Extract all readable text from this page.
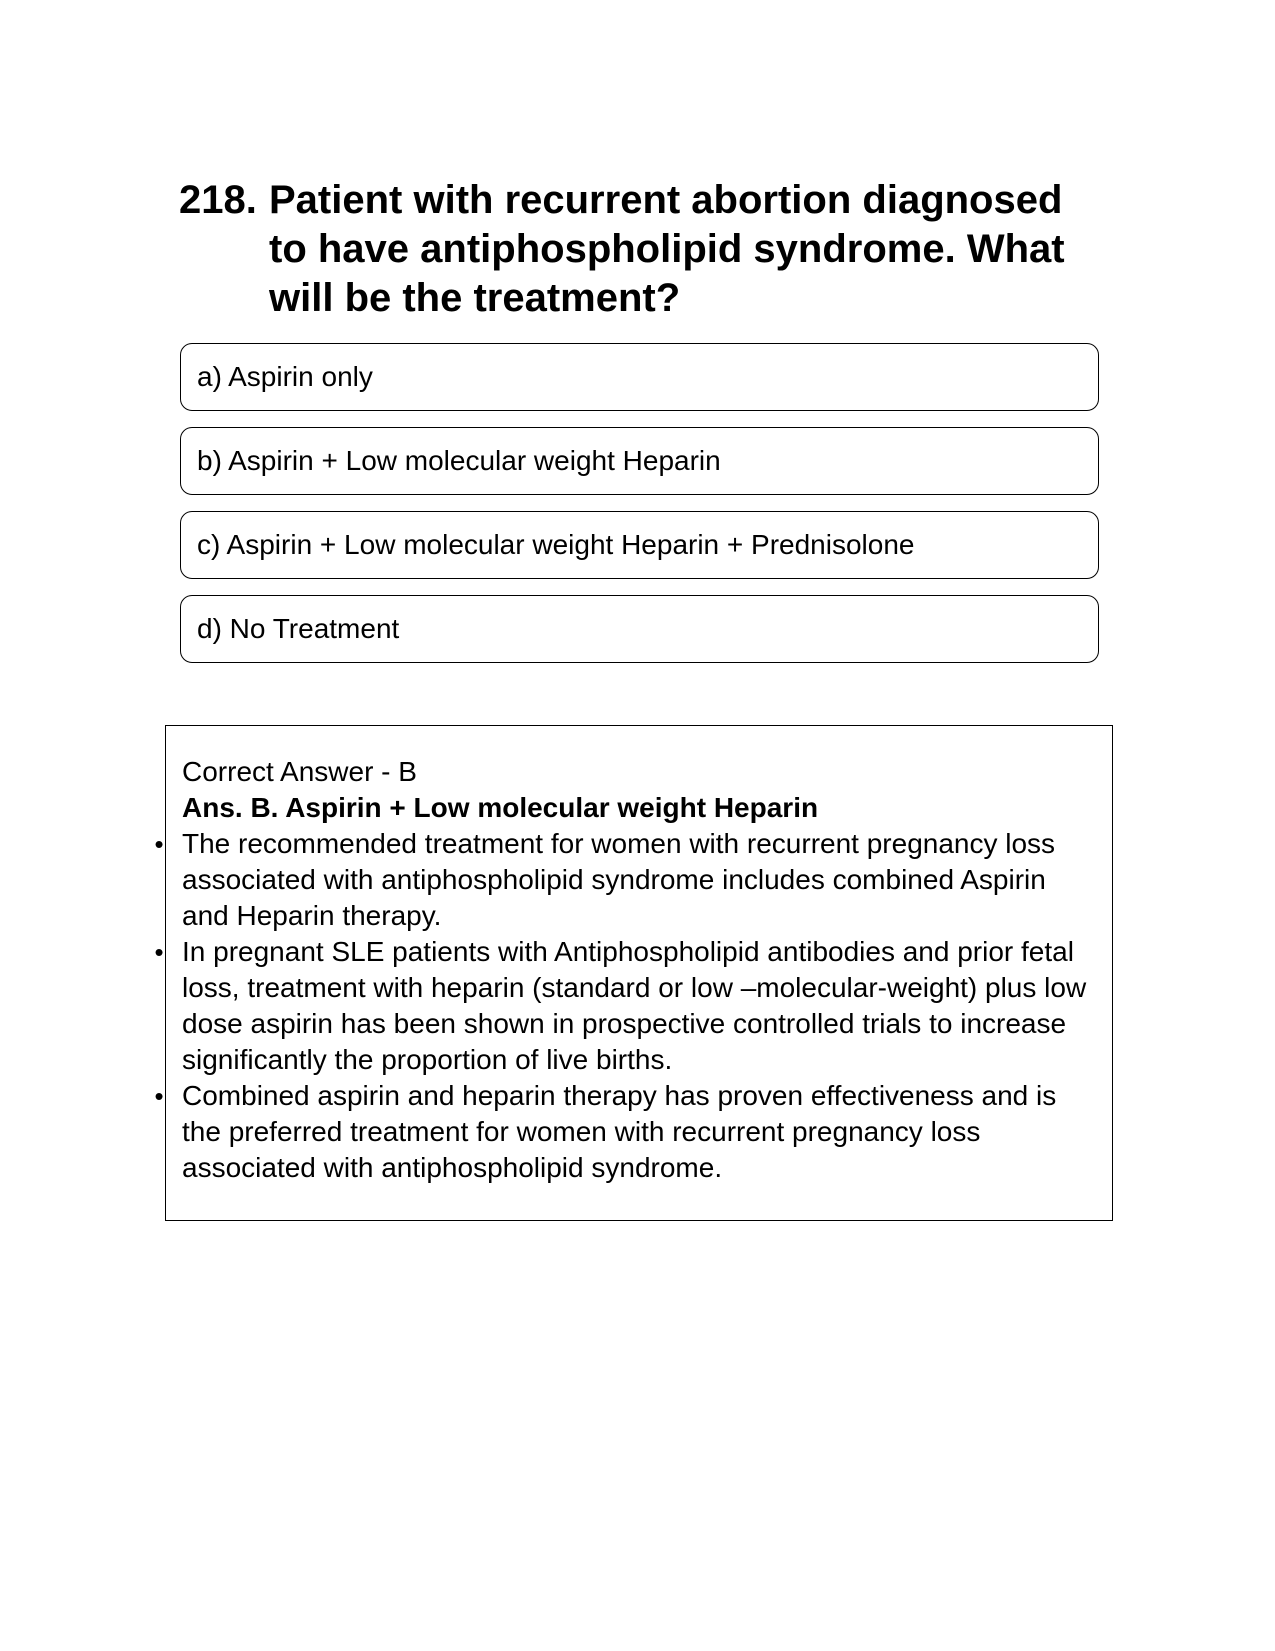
218. Patient with recurrent abortion diagnosed to have antiphospholipid syndrome. What will be the treatment?
a) Aspirin only
b) Aspirin + Low molecular weight Heparin
c) Aspirin + Low molecular weight Heparin + Prednisolone
d) No Treatment
Correct Answer - B
Ans. B. Aspirin + Low molecular weight Heparin
• The recommended treatment for women with recurrent pregnancy loss associated with antiphospholipid syndrome includes combined Aspirin and Heparin therapy.
• In pregnant SLE patients with Antiphospholipid antibodies and prior fetal loss, treatment with heparin (standard or low –molecular-weight) plus low dose aspirin has been shown in prospective controlled trials to increase significantly the proportion of live births.
• Combined aspirin and heparin therapy has proven effectiveness and is the preferred treatment for women with recurrent pregnancy loss associated with antiphospholipid syndrome.
